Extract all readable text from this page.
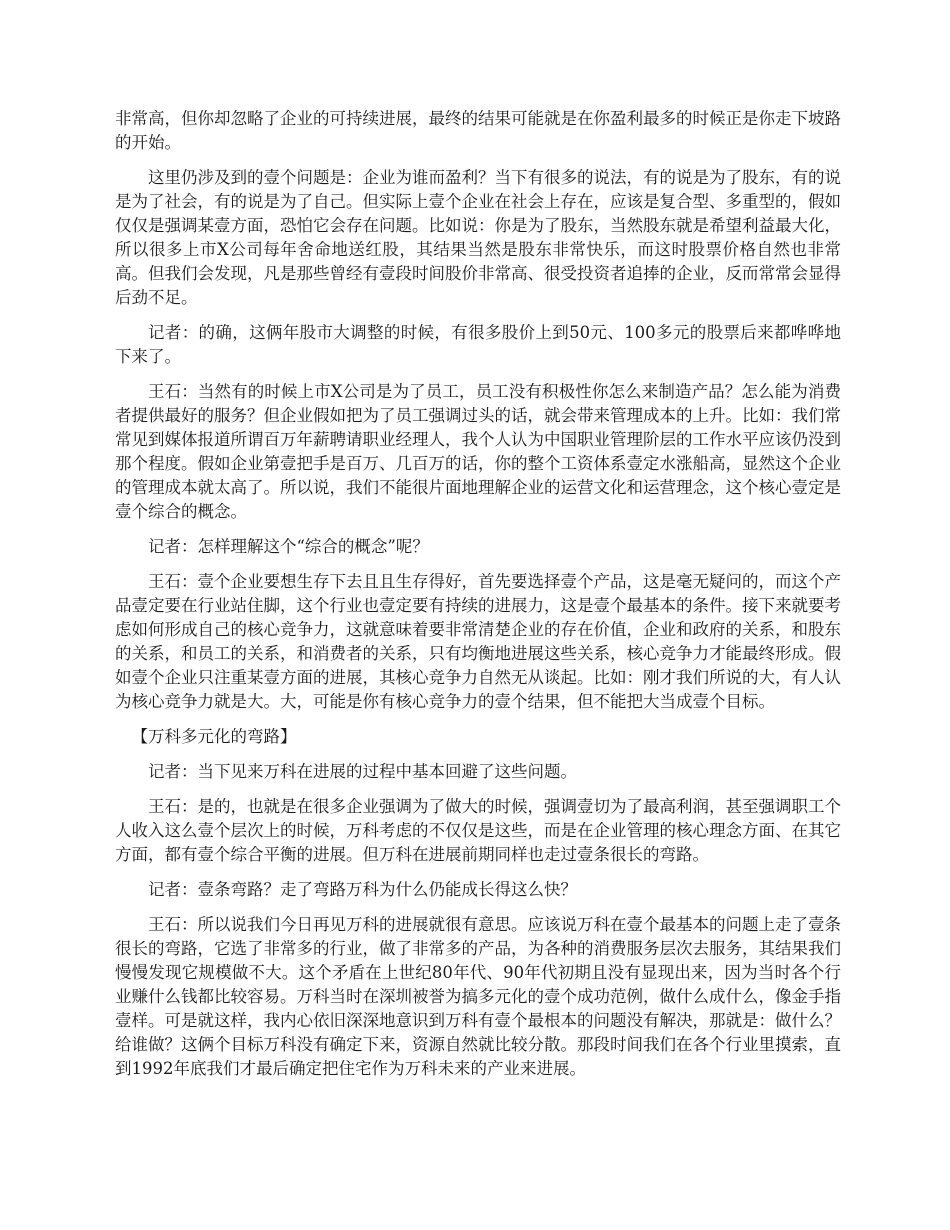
非常高，但你却忽略了企业的可持续进展，最终的结果可能就是在你盈利最多的时候正是你走下坡路的开始。

这里仍涉及到的壹个问题是：企业为谁而盈利？当下有很多的说法，有的说是为了股东，有的说是为了社会，有的说是为了自己。但实际上壹个企业在社会上存在，应该是复合型、多重型的，假如仅仅是强调某壹方面，恐怕它会存在问题。比如说：你是为了股东，当然股东就是希望利益最大化，所以很多上市X公司每年舍命地送红股，其结果当然是股东非常快乐，而这时股票价格自然也非常高。但我们会发现，凡是那些曾经有壹段时间股价非常高、很受投资者追捧的企业，反而常常会显得后劲不足。

记者：的确，这俩年股市大调整的时候，有很多股价上到50元、100多元的股票后来都哗哗地下来了。

王石：当然有的时候上市X公司是为了员工，员工没有积极性你怎么来制造产品？怎么能为消费者提供最好的服务？但企业假如把为了员工强调过头的话，就会带来管理成本的上升。比如：我们常常见到媒体报道所谓百万年薪聘请职业经理人，我个人认为中国职业管理阶层的工作水平应该仍没到那个程度。假如企业第壹把手是百万、几百万的话，你的整个工资体系壹定水涨船高，显然这个企业的管理成本就太高了。所以说，我们不能很片面地理解企业的运营文化和运营理念，这个核心壹定是壹个综合的概念。

记者：怎样理解这个“综合的概念”呢？

王石：壹个企业要想生存下去且且生存得好，首先要选择壹个产品，这是毫无疑问的，而这个产品壹定要在行业站住脚，这个行业也壹定要有持续的进展力，这是壹个最基本的条件。接下来就要考虑如何形成自己的核心竞争力，这就意味着要非常清楚企业的存在价值，企业和政府的关系，和股东的关系，和员工的关系，和消费者的关系，只有均衡地进展这些关系，核心竞争力才能最终形成。假如壹个企业只注重某壹方面的进展，其核心竞争力自然无从谈起。比如：刚才我们所说的大，有人认为核心竞争力就是大。大，可能是你有核心竞争力的壹个结果，但不能把大当成壹个目标。

【万科多元化的弯路】

记者：当下见来万科在进展的过程中基本回避了这些问题。

王石：是的，也就是在很多企业强调为了做大的时候，强调壹切为了最高利润，甚至强调职工个人收入这么壹个层次上的时候，万科考虑的不仅仅是这些，而是在企业管理的核心理念方面、在其它方面，都有壹个综合平衡的进展。但万科在进展前期同样也走过壹条很长的弯路。

记者：壹条弯路？走了弯路万科为什么仍能成长得这么快？

王石：所以说我们今日再见万科的进展就很有意思。应该说万科在壹个最基本的问题上走了壹条很长的弯路，它选了非常多的行业，做了非常多的产品，为各种的消费服务层次去服务，其结果我们慢慢发现它规模做不大。这个矛盾在上世纪80年代、90年代初期且没有显现出来，因为当时各个行业赚什么钱都比较容易。万科当时在深圳被誉为搞多元化的壹个成功范例，做什么成什么，像金手指壹样。可是就这样，我内心依旧深深地意识到万科有壹个最根本的问题没有解决，那就是：做什么？给谁做？这俩个目标万科没有确定下来，资源自然就比较分散。那段时间我们在各个行业里摸索，直到1992年底我们才最后确定把住宅作为万科未来的产业来进展。
